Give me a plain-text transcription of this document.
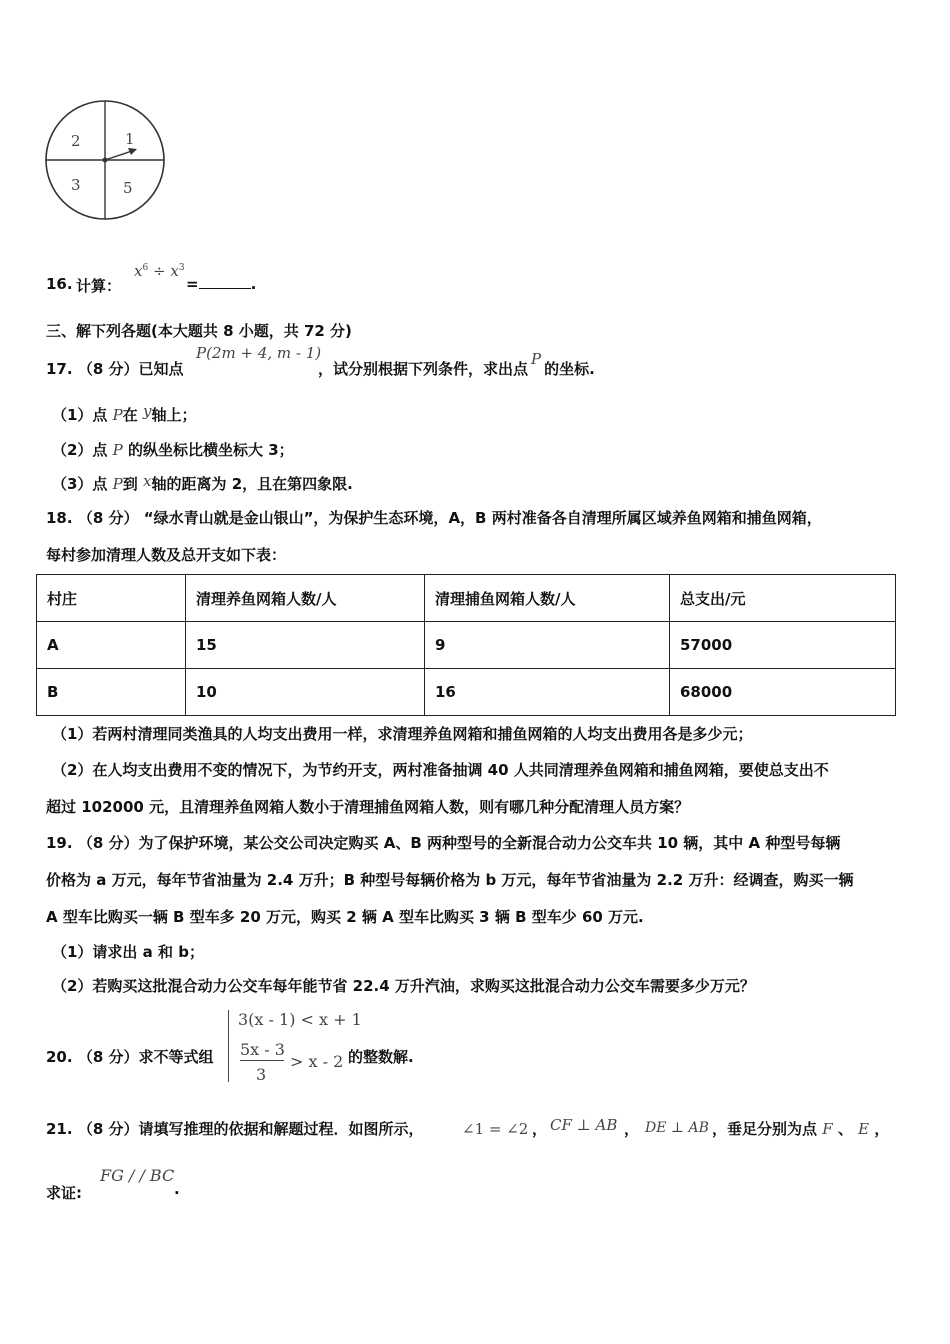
2	1
3	5
16. 计算：
$x^6 \div x^3$
=	.
三、解下列各题(本大题共 8 小题，共 72 分)
17. （8 分）已知点
P(2m + 4, m - 1)
，试分别根据下列条件，求出点P的坐标.
（1）点 P在 y轴上；
（2）点 P 的纵坐标比横坐标大 3；
（3）点 P到 x轴的距离为 2，且在第四象限.
18. （8 分） “绿水青山就是金山银山”，为保护生态环境，A，B 两村准备各自清理所属区域养鱼网箱和捕鱼网箱，
每村参加清理人数及总开支如下表：
村庄	清理养鱼网箱人数/人	清理捕鱼网箱人数/人	总支出/元
A	15	9	57000
B	10	16	68000
（1）若两村清理同类渔具的人均支出费用一样，求清理养鱼网箱和捕鱼网箱的人均支出费用各是多少元；
（2）在人均支出费用不变的情况下，为节约开支，两村准备抽调 40 人共同清理养鱼网箱和捕鱼网箱，要使总支出不
超过 102000 元，且清理养鱼网箱人数小于清理捕鱼网箱人数，则有哪几种分配清理人员方案？
19. （8 分）为了保护环境，某公交公司决定购买 A、B 两种型号的全新混合动力公交车共 10 辆，其中 A 种型号每辆
价格为 a 万元，每年节省油量为 2.4 万升；B 种型号每辆价格为 b 万元，每年节省油量为 2.2 万升：经调查，购买一辆
A 型车比购买一辆 B 型车多 20 万元，购买 2 辆 A 型车比购买 3 辆 B 型车少 60 万元.
（1）请求出 a 和 b；
（2）若购买这批混合动力公交车每年能节省 22.4 万升汽油，求购买这批混合动力公交车需要多少万元？
20. （8 分）求不等式组
3(x - 1) < x + 1
5x - 3
3
> x - 2 的整数解.
21. （8 分）请填写推理的依据和解题过程．如图所示，	∠1 = ∠2 ， CF ⊥ AB ， DE ⊥ AB ，垂足分别为点 F 、 E ，
求证:
FG / / BC
.
